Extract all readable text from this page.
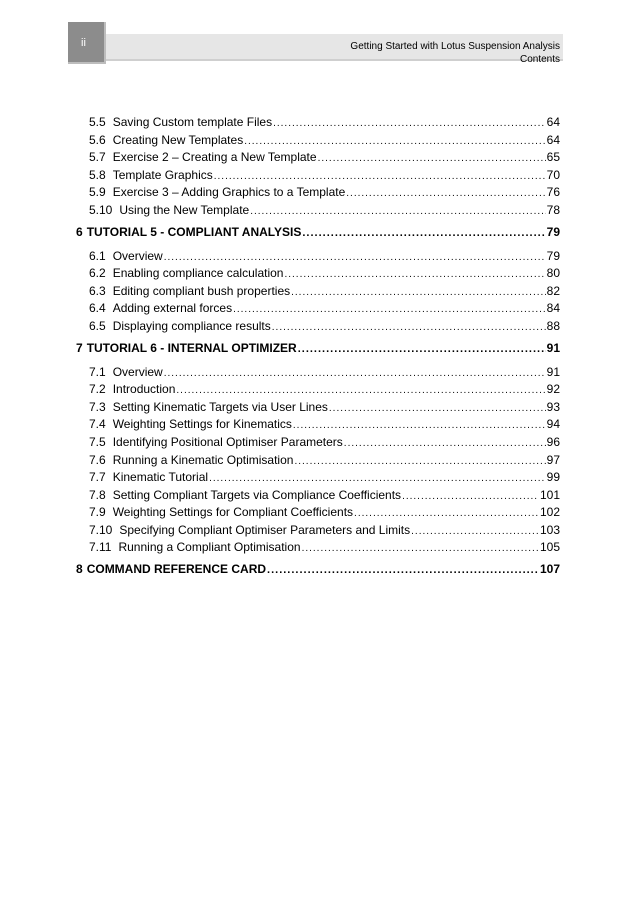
ii	Getting Started with Lotus Suspension Analysis
Contents
5.5 Saving Custom template Files .....	64
5.6 Creating New Templates .....	64
5.7 Exercise 2 – Creating a New Template .....	65
5.8 Template Graphics .....	70
5.9 Exercise 3 – Adding Graphics to a Template .....	76
5.10 Using the New Template .....	78
6 TUTORIAL 5 - COMPLIANT ANALYSIS .....	79
6.1 Overview .....	79
6.2 Enabling compliance calculation .....	80
6.3 Editing compliant bush properties .....	82
6.4 Adding external forces .....	84
6.5 Displaying compliance results .....	88
7 TUTORIAL 6 - INTERNAL OPTIMIZER .....	91
7.1 Overview .....	91
7.2 Introduction .....	92
7.3 Setting Kinematic Targets via User Lines .....	93
7.4 Weighting Settings for Kinematics .....	94
7.5 Identifying Positional Optimiser Parameters .....	96
7.6 Running a Kinematic Optimisation .....	97
7.7 Kinematic Tutorial .....	99
7.8 Setting Compliant Targets via Compliance Coefficients .....	101
7.9 Weighting Settings for Compliant Coefficients .....	102
7.10 Specifying Compliant Optimiser Parameters and Limits .....	103
7.11 Running a Compliant Optimisation .....	105
8 COMMAND REFERENCE CARD .....	107
